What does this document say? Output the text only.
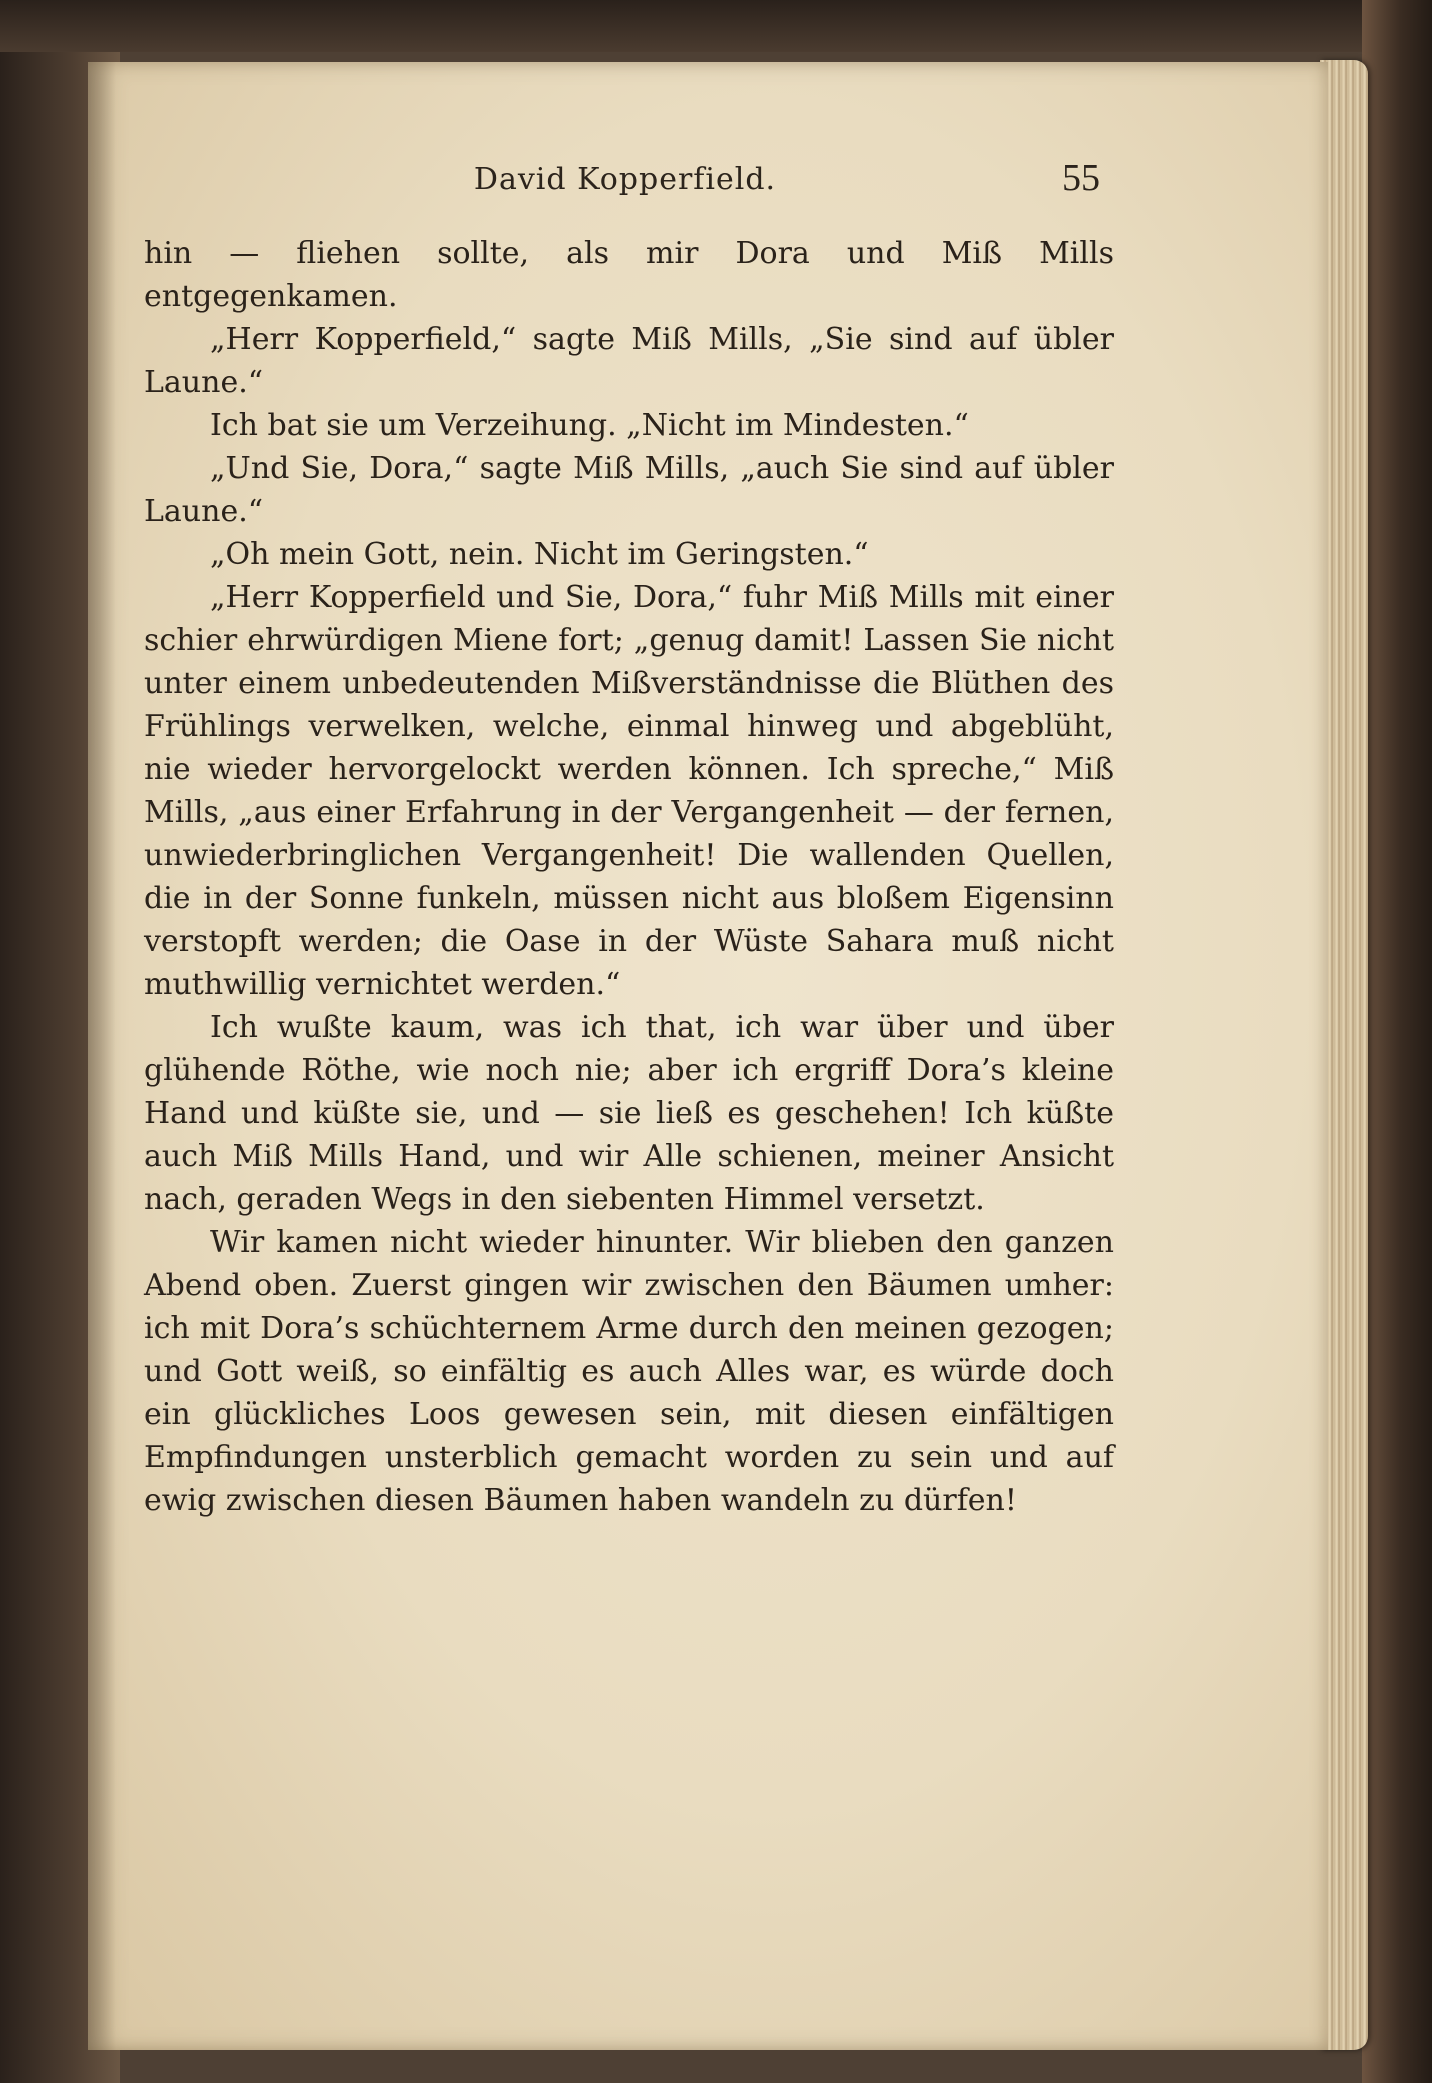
David Kopperfield.	55

hin — fliehen sollte, als mir Dora und Miß Mills entgegenkamen.

„Herr Kopperfield,“ sagte Miß Mills, „Sie sind auf übler Laune.“

Ich bat sie um Verzeihung. „Nicht im Mindesten.“

„Und Sie, Dora,“ sagte Miß Mills, „auch Sie sind auf übler Laune.“

„Oh mein Gott, nein. Nicht im Geringsten.“

„Herr Kopperfield und Sie, Dora,“ fuhr Miß Mills mit einer schier ehrwürdigen Miene fort; „genug damit! Lassen Sie nicht unter einem unbedeutenden Mißverständnisse die Blüthen des Frühlings verwelken, welche, einmal hinweg und abgeblüht, nie wieder hervorgelockt werden können. Ich spreche,“ Miß Mills, „aus einer Erfahrung in der Vergangenheit — der fernen, unwiederbringlichen Vergangenheit! Die wallenden Quellen, die in der Sonne funkeln, müssen nicht aus bloßem Eigensinn verstopft werden; die Oase in der Wüste Sahara muß nicht muthwillig vernichtet werden.“

Ich wußte kaum, was ich that, ich war über und über glühende Röthe, wie noch nie; aber ich ergriff Dora’s kleine Hand und küßte sie, und — sie ließ es geschehen! Ich küßte auch Miß Mills Hand, und wir Alle schienen, meiner Ansicht nach, geraden Wegs in den siebenten Himmel versetzt.

Wir kamen nicht wieder hinunter. Wir blieben den ganzen Abend oben. Zuerst gingen wir zwischen den Bäumen umher: ich mit Dora’s schüchternem Arme durch den meinen gezogen; und Gott weiß, so einfältig es auch Alles war, es würde doch ein glückliches Loos gewesen sein, mit diesen einfältigen Empfindungen unsterblich gemacht worden zu sein und auf ewig zwischen diesen Bäumen haben wandeln zu dürfen!
